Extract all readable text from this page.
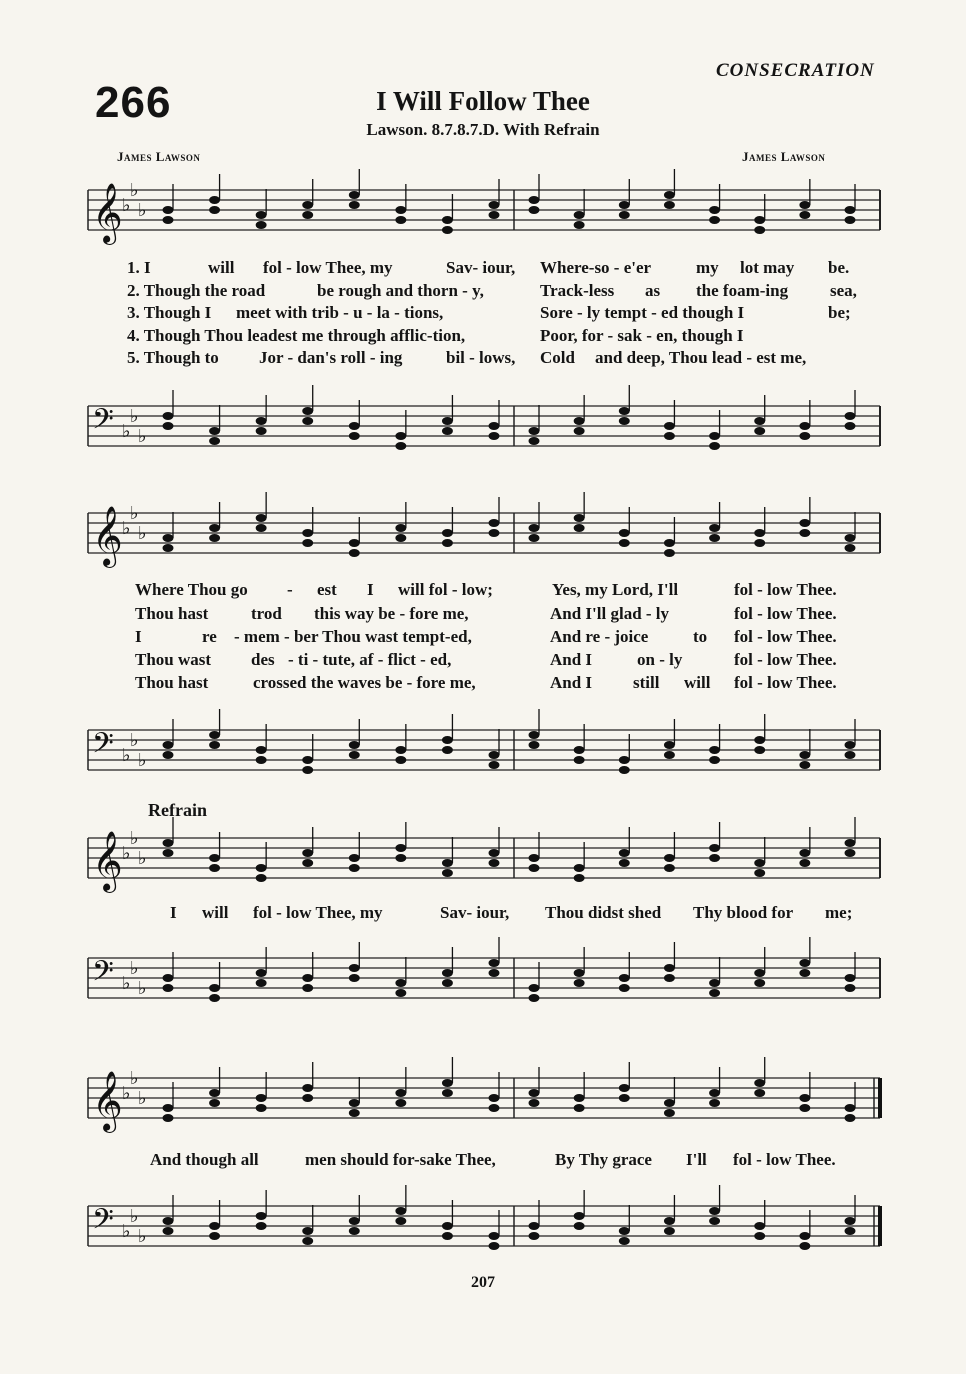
266
CONSECRATION
I Will Follow Thee
Lawson. 8.7.8.7.D. With Refrain
James Lawson	James Lawson
𝄞 ♭
♭
♭
1. I	will fol - low Thee, my	Sav- iour, Where-so - e'er	my lot may be.
2. Though the road	be rough and thorn - y,	Track-less as the foam-ing sea,
3. Though I meet with trib - u - la - tions,	Sore - ly tempt - ed though I	be;
4. Though Thou leadest me through afflic-tion,	Poor, for - sak - en, though I
5. Though to Jor - dan's roll - ing	bil - lows, Cold and deep, Thou lead - est me,
𝄢 ♭
♭
♭
𝄞 ♭
♭
♭
Where Thou go - est I will fol - low;	Yes, my Lord, I'll	fol - low Thee.
Thou hast	trod this way be - fore me,	And I'll glad - ly	fol - low Thee.
I	re - mem - ber Thou wast tempt-ed,	And re - joice	to fol - low Thee.
Thou wast des - ti - tute, af - flict - ed,	And I	on - ly	fol - low Thee.
Thou hast	crossed the waves be - fore me,	And I still will fol - low Thee.
𝄢 ♭
♭
♭
Refrain
𝄞 ♭
♭
♭
I will fol - low Thee, my	Sav- iour, Thou didst shed Thy blood for me;
𝄢 ♭
♭
♭
𝄞 ♭
♭
♭
And though all	men should for-sake Thee,	By Thy grace I'll fol - low Thee.
𝄢 ♭
♭
♭
207
